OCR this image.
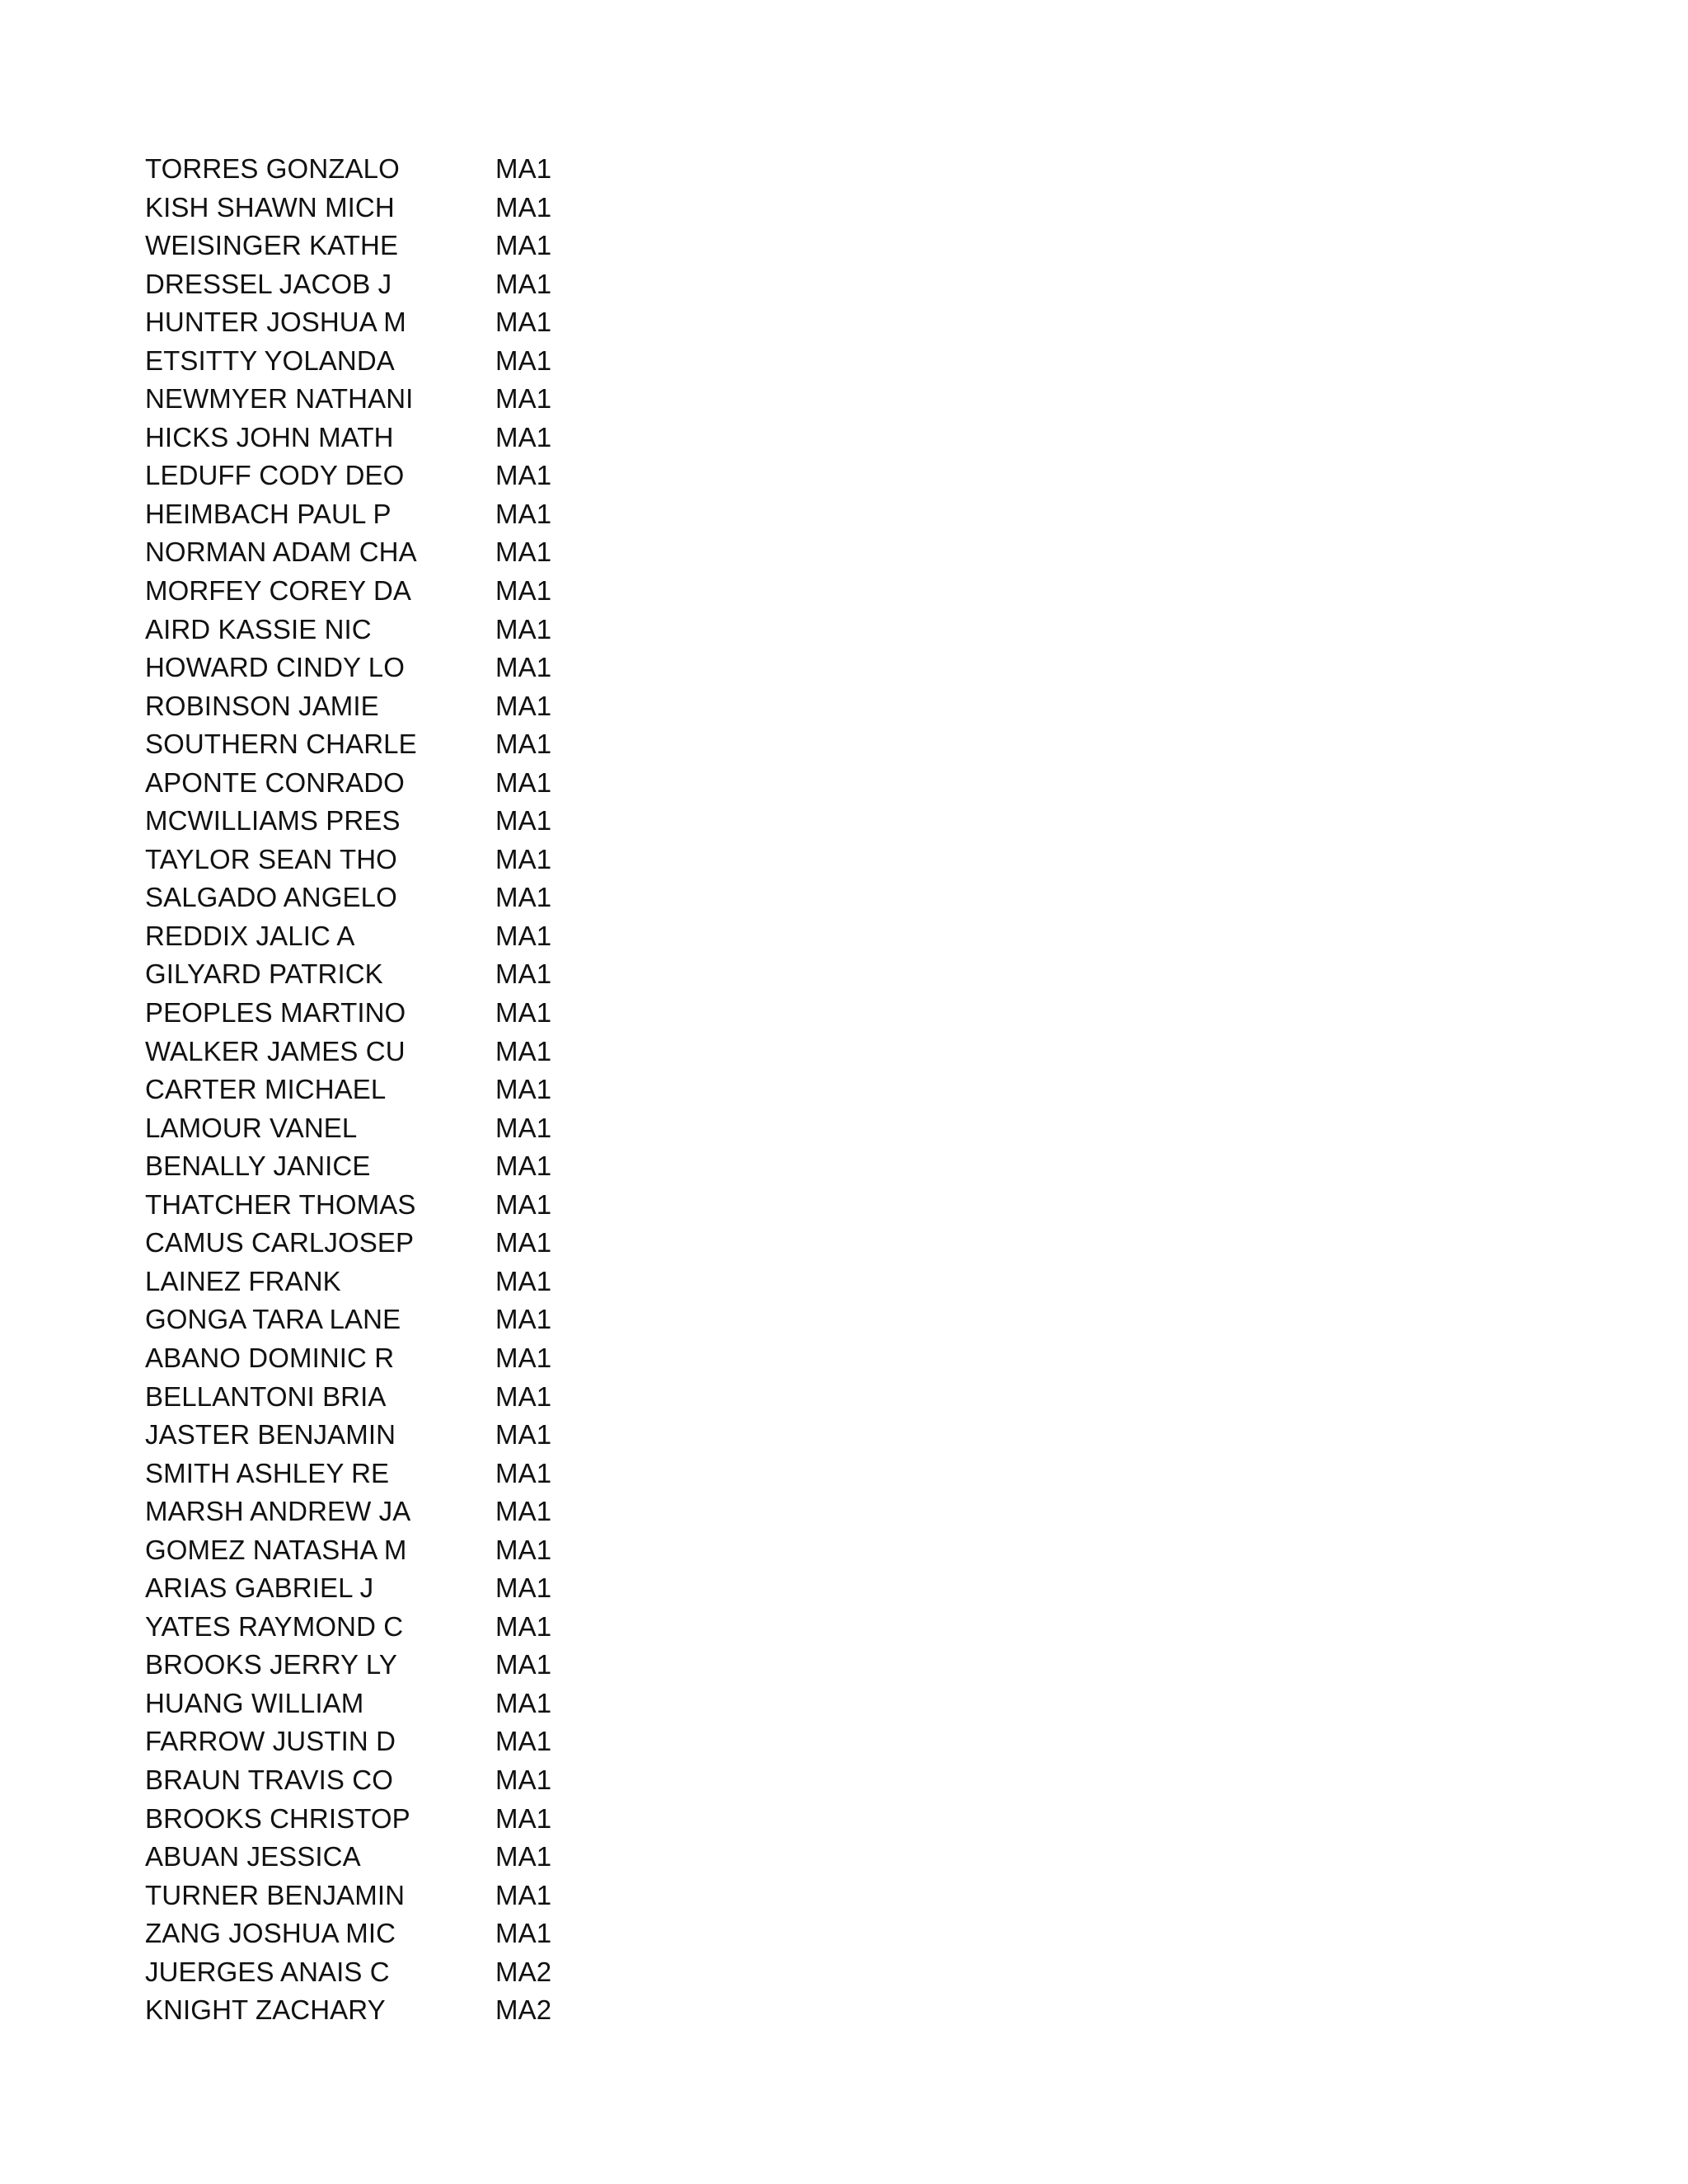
TORRES GONZALO	MA1
KISH SHAWN MICH	MA1
WEISINGER KATHE	MA1
DRESSEL JACOB J	MA1
HUNTER JOSHUA M	MA1
ETSITTY YOLANDA	MA1
NEWMYER NATHANI	MA1
HICKS JOHN MATH	MA1
LEDUFF CODY DEO	MA1
HEIMBACH PAUL P	MA1
NORMAN ADAM CHA	MA1
MORFEY COREY DA	MA1
AIRD KASSIE NIC	MA1
HOWARD CINDY LO	MA1
ROBINSON JAMIE	MA1
SOUTHERN CHARLE	MA1
APONTE CONRADO	MA1
MCWILLIAMS PRES	MA1
TAYLOR SEAN THO	MA1
SALGADO ANGELO	MA1
REDDIX JALIC A	MA1
GILYARD PATRICK	MA1
PEOPLES MARTINO	MA1
WALKER JAMES CU	MA1
CARTER MICHAEL	MA1
LAMOUR VANEL	MA1
BENALLY JANICE	MA1
THATCHER THOMAS	MA1
CAMUS CARLJOSEP	MA1
LAINEZ FRANK	MA1
GONGA TARA LANE	MA1
ABANO DOMINIC R	MA1
BELLANTONI BRIA	MA1
JASTER BENJAMIN	MA1
SMITH ASHLEY RE	MA1
MARSH ANDREW JA	MA1
GOMEZ NATASHA M	MA1
ARIAS GABRIEL J	MA1
YATES RAYMOND C	MA1
BROOKS JERRY LY	MA1
HUANG WILLIAM	MA1
FARROW JUSTIN D	MA1
BRAUN TRAVIS CO	MA1
BROOKS CHRISTOP	MA1
ABUAN JESSICA	MA1
TURNER BENJAMIN	MA1
ZANG JOSHUA MIC	MA1
JUERGES ANAIS C	MA2
KNIGHT ZACHARY	MA2
